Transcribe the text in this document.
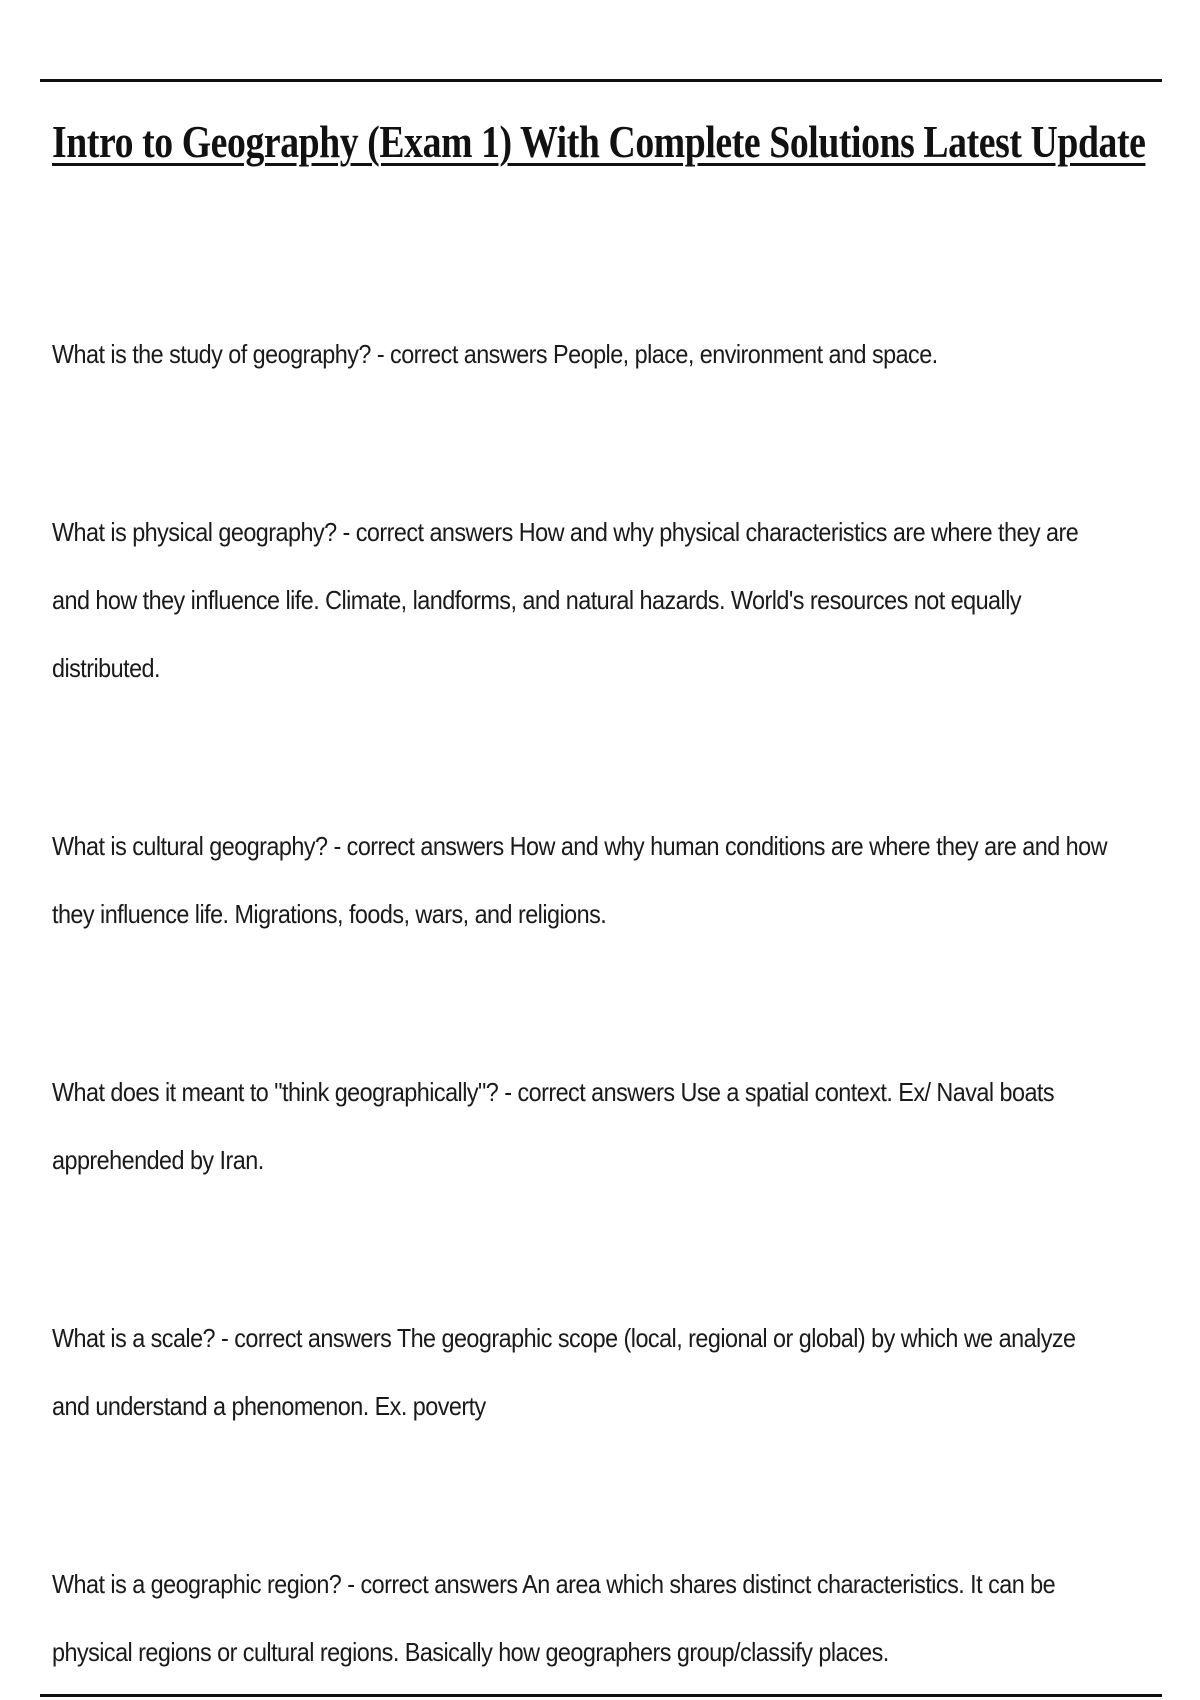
Intro to Geography (Exam 1) With Complete Solutions Latest Update
What is the study of geography? - correct answers People, place, environment and space.
What is physical geography? - correct answers How and why physical characteristics are where they are and how they influence life. Climate, landforms, and natural hazards. World's resources not equally distributed.
What is cultural geography? - correct answers How and why human conditions are where they are and how they influence life. Migrations, foods, wars, and religions.
What does it meant to "think geographically"? - correct answers Use a spatial context. Ex/ Naval boats apprehended by Iran.
What is a scale? - correct answers The geographic scope (local, regional or global) by which we analyze and understand a phenomenon. Ex. poverty
What is a geographic region? - correct answers An area which shares distinct characteristics. It can be physical regions or cultural regions. Basically how geographers group/classify places.
